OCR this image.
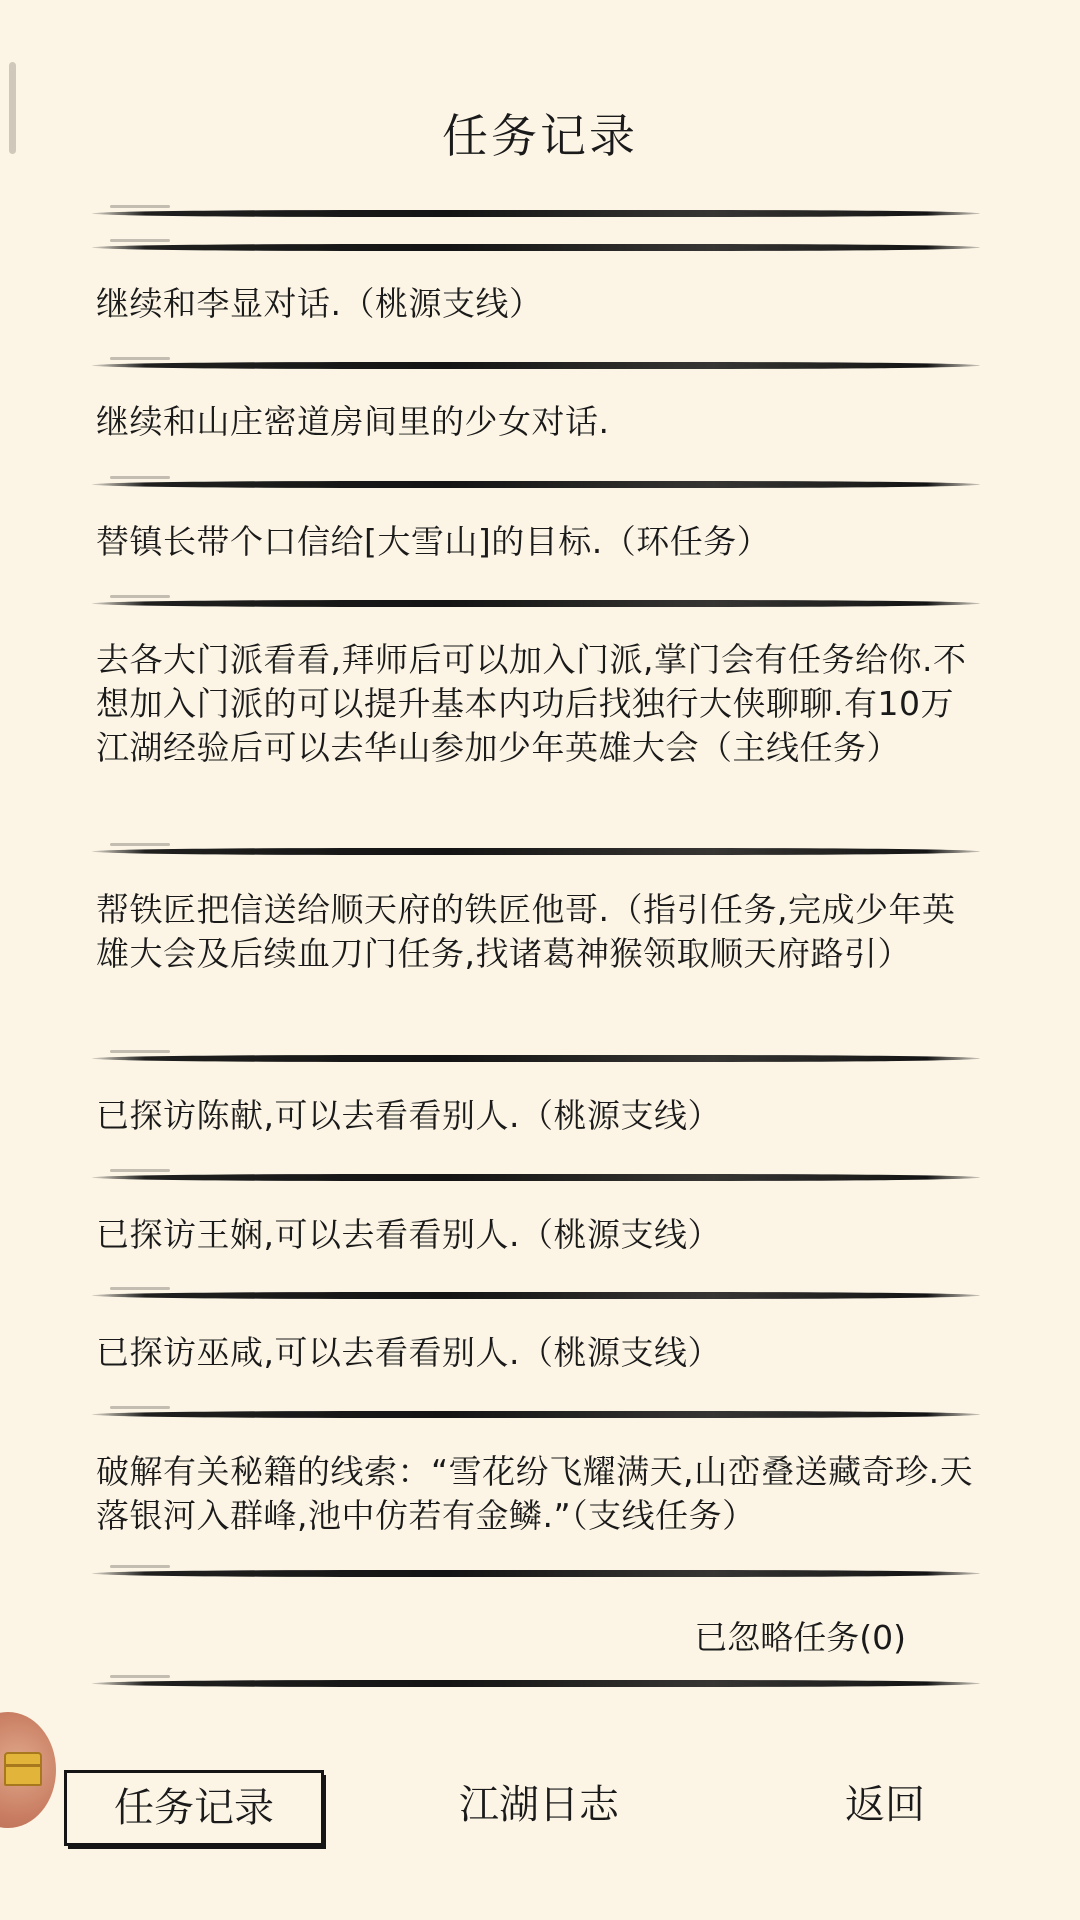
任务记录
继续和李显对话.（桃源支线）
继续和山庄密道房间里的少女对话.
替镇长带个口信给[大雪山]的目标.（环任务）
去各大门派看看,拜师后可以加入门派,掌门会有任务给你.不想加入门派的可以提升基本内功后找独行大侠聊聊.有10万江湖经验后可以去华山参加少年英雄大会（主线任务）
帮铁匠把信送给顺天府的铁匠他哥.（指引任务,完成少年英雄大会及后续血刀门任务,找诸葛神猴领取顺天府路引）
已探访陈献,可以去看看别人.（桃源支线）
已探访王娴,可以去看看别人.（桃源支线）
已探访巫咸,可以去看看别人.（桃源支线）
破解有关秘籍的线索：“雪花纷飞耀满天,山峦叠送藏奇珍.天落银河入群峰,池中仿若有金鳞.”（支线任务）
已忽略任务(0)
任务记录	江湖日志	返回
